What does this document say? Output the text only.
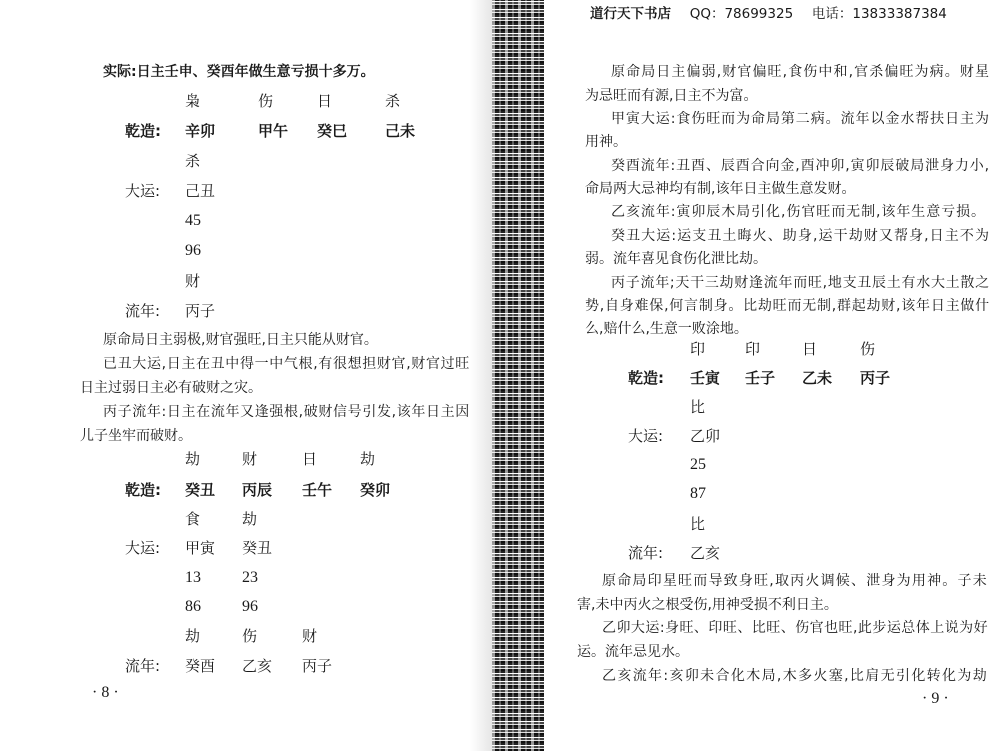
道行天下书店 QQ：78699325 电话：13833387384
实际:日主壬申、癸酉年做生意亏损十多万。
枭	伤	日	杀
乾造: 辛卯	甲午 癸巳	己未
杀
大运: 己丑
45
96
财
流年: 丙子
原命局日主弱极,财官强旺,日主只能从财官。
已丑大运,日主在丑中得一中气根,有很想担财官,财官过旺
日主过弱日主必有破财之灾。
丙子流年:日主在流年又逢强根,破财信号引发,该年日主因
儿子坐牢而破财。
劫	财	日	劫
乾造: 癸丑 丙辰 壬午 癸卯
食	劫
大运: 甲寅 癸丑
13	23
86	96
劫	伤	财
流年: 癸酉 乙亥 丙子
· 8 ·
原命局日主偏弱,财官偏旺,食伤中和,官杀偏旺为病。财星
为忌旺而有源,日主不为富。
甲寅大运:食伤旺而为命局第二病。流年以金水帮扶日主为
用神。
癸酉流年:丑酉、辰酉合向金,酉冲卯,寅卯辰破局泄身力小,
命局两大忌神均有制,该年日主做生意发财。
乙亥流年:寅卯辰木局引化,伤官旺而无制,该年生意亏损。
癸丑大运:运支丑土晦火、助身,运干劫财又帮身,日主不为
弱。流年喜见食伤化泄比劫。
丙子流年;天干三劫财逢流年而旺,地支丑辰土有水大土散之
势,自身难保,何言制身。比劫旺而无制,群起劫财,该年日主做什
么,赔什么,生意一败涂地。
印	印	日	伤
乾造: 壬寅 壬子 乙未 丙子
比
大运: 乙卯
25
87
比
流年: 乙亥
原命局印星旺而导致身旺,取丙火调候、泄身为用神。子未
害,未中丙火之根受伤,用神受损不利日主。
乙卯大运:身旺、印旺、比旺、伤官也旺,此步运总体上说为好
运。流年忌见水。
乙亥流年:亥卯未合化木局,木多火塞,比肩无引化转化为劫
· 9 ·
